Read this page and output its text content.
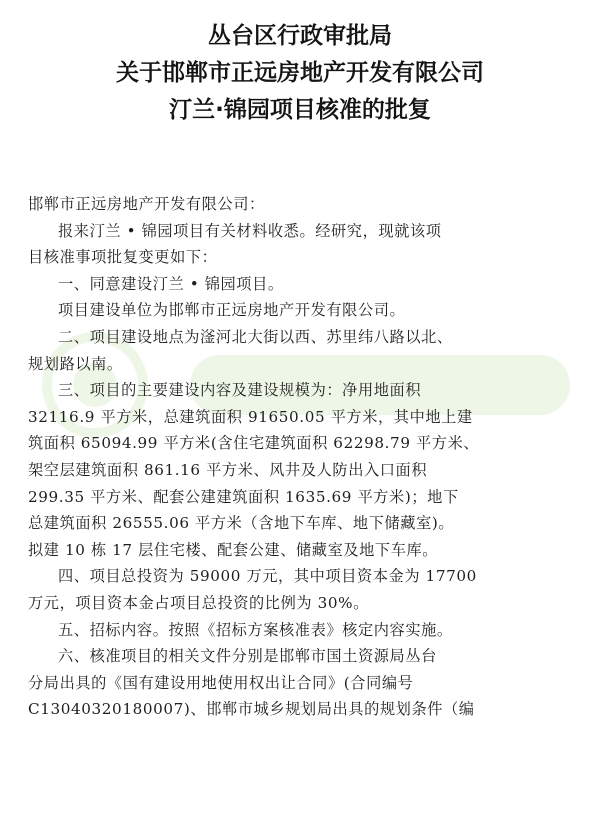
丛台区行政审批局
关于邯郸市正远房地产开发有限公司
汀兰·锦园项目核准的批复
邯郸市正远房地产开发有限公司：
报来汀兰 • 锦园项目有关材料收悉。经研究，现就该项
目核准事项批复变更如下：
一、同意建设汀兰 • 锦园项目。
项目建设单位为邯郸市正远房地产开发有限公司。
二、项目建设地点为滏河北大街以西、苏里纬八路以北、
规划路以南。
三、项目的主要建设内容及建设规模为：净用地面积
32116.9 平方米，总建筑面积 91650.05 平方米，其中地上建
筑面积 65094.99 平方米(含住宅建筑面积 62298.79 平方米、
架空层建筑面积 861.16 平方米、风井及人防出入口面积
299.35 平方米、配套公建建筑面积 1635.69 平方米)；地下
总建筑面积 26555.06 平方米（含地下车库、地下储藏室)。
拟建 10 栋 17 层住宅楼、配套公建、储藏室及地下车库。
四、项目总投资为 59000 万元，其中项目资本金为 17700
万元，项目资本金占项目总投资的比例为 30%。
五、招标内容。按照《招标方案核准表》核定内容实施。
六、核准项目的相关文件分别是邯郸市国土资源局丛台
分局出具的《国有建设用地使用权出让合同》(合同编号
C13040320180007)、邯郸市城乡规划局出具的规划条件（编
